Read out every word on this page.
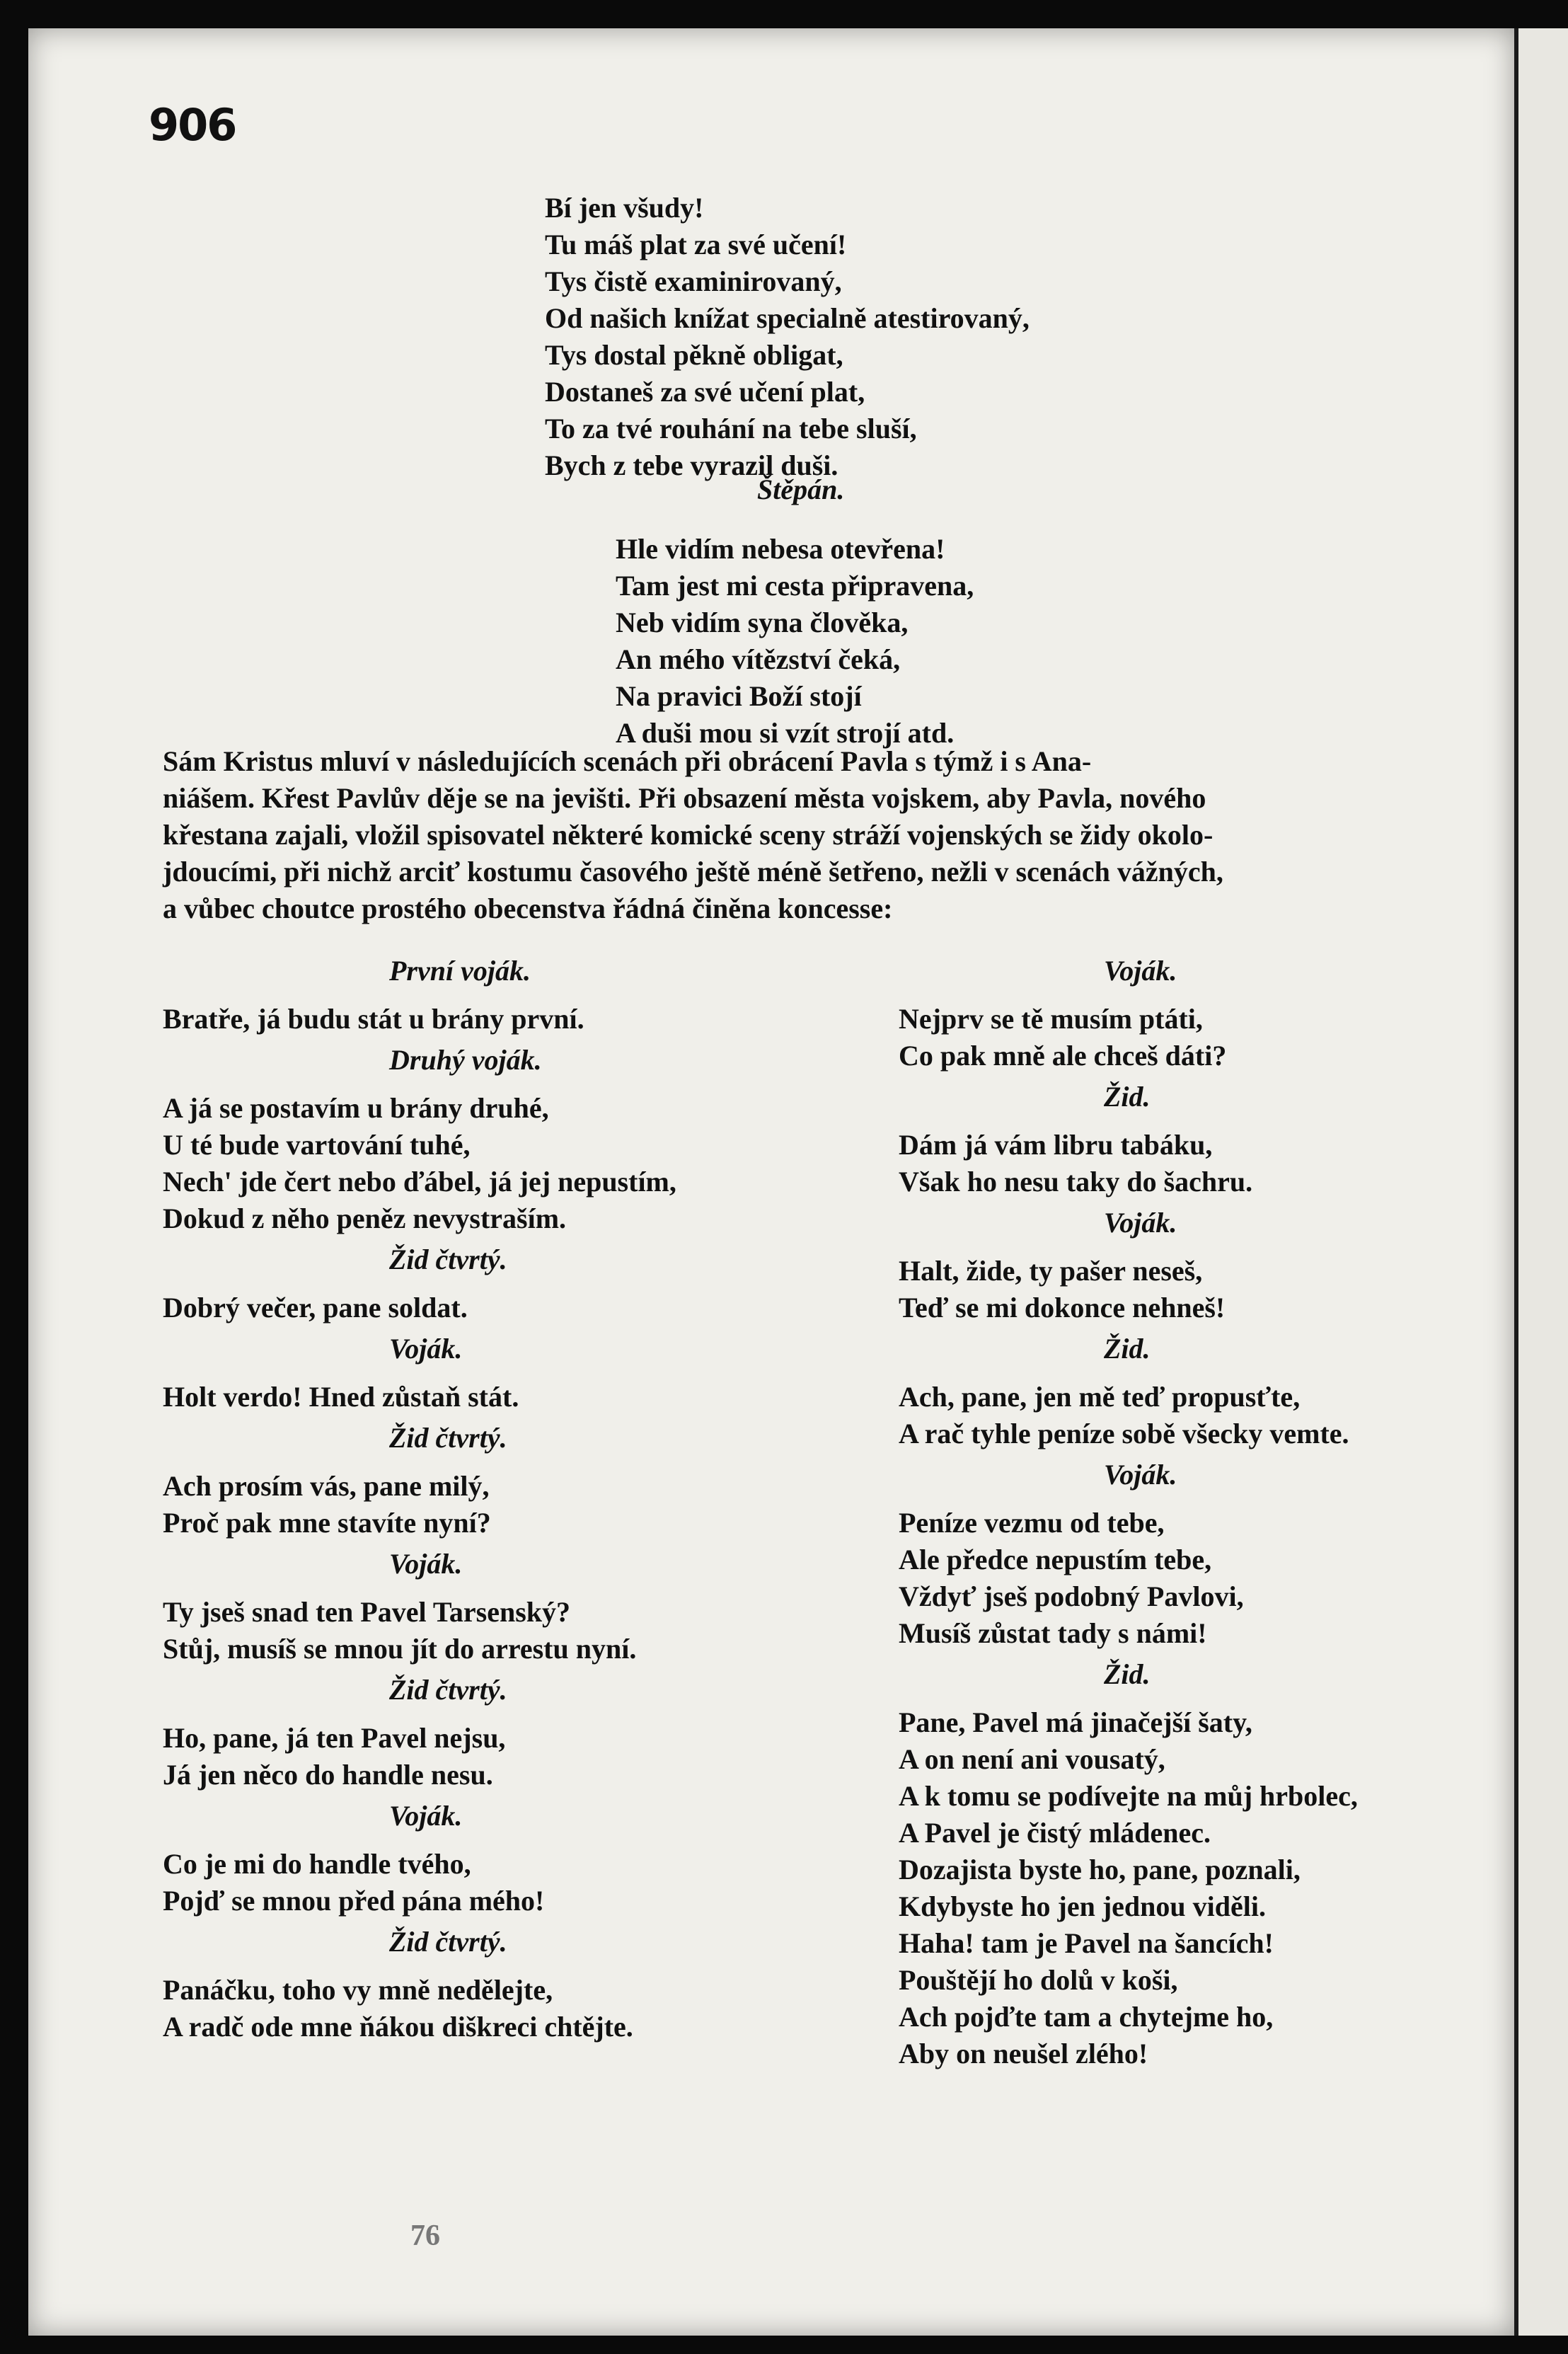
906
Bí jen všudy!
Tu máš plat za své učení!
Tys čistě examinirovaný,
Od našich knížat specialně atestirovaný,
Tys dostal pěkně obligat,
Dostaneš za své učení plat,
To za tvé rouhání na tebe sluší,
Bych z tebe vyrazil duši.
Štěpán.
Hle vidím nebesa otevřena!
Tam jest mi cesta připravena,
Neb vidím syna člověka,
An mého vítězství čeká,
Na pravici Boží stojí
A duši mou si vzít strojí atd.
Sám Kristus mluví v následujících scenách při obrácení Pavla s týmž i s Ana-
niášem. Křest Pavlův děje se na jevišti. Při obsazení města vojskem, aby Pavla, nového
křestana zajali, vložil spisovatel některé komické sceny stráží vojenských se židy okolo-
jdoucími, při nichž arciť kostumu časového ještě méně šetřeno, nežli v scenách vážných,
a vůbec choutce prostého obecenstva řádná činěna koncesse:
První voják.
Bratře, já budu stát u brány první.
Druhý voják.
A já se postavím u brány druhé,
U té bude vartování tuhé,
Nech' jde čert nebo ďábel, já jej nepustím,
Dokud z něho peněz nevystraším.
Žid čtvrtý.
Dobrý večer, pane soldat.
Voják.
Holt verdo! Hned zůstaň stát.
Žid čtvrtý.
Ach prosím vás, pane milý,
Proč pak mne stavíte nyní?
Voják.
Ty jseš snad ten Pavel Tarsenský?
Stůj, musíš se mnou jít do arrestu nyní.
Žid čtvrtý.
Ho, pane, já ten Pavel nejsu,
Já jen něco do handle nesu.
Voják.
Co je mi do handle tvého,
Pojď se mnou před pána mého!
Žid čtvrtý.
Panáčku, toho vy mně nedělejte,
A radč ode mne ňákou diškreci chtějte.
Voják.
Nejprv se tě musím ptáti,
Co pak mně ale chceš dáti?
Žid.
Dám já vám libru tabáku,
Však ho nesu taky do šachru.
Voják.
Halt, žide, ty pašer neseš,
Teď se mi dokonce nehneš!
Žid.
Ach, pane, jen mě teď propusťte,
A rač tyhle peníze sobě všecky vemte.
Voják.
Peníze vezmu od tebe,
Ale předce nepustím tebe,
Vždyť jseš podobný Pavlovi,
Musíš zůstat tady s námi!
Žid.
Pane, Pavel má jinačejší šaty,
A on není ani vousatý,
A k tomu se podívejte na můj hrbolec,
A Pavel je čistý mládenec.
Dozajista byste ho, pane, poznali,
Kdybyste ho jen jednou viděli.
Haha! tam je Pavel na šancích!
Pouštějí ho dolů v koši,
Ach pojďte tam a chytejme ho,
Aby on neušel zlého!
76
